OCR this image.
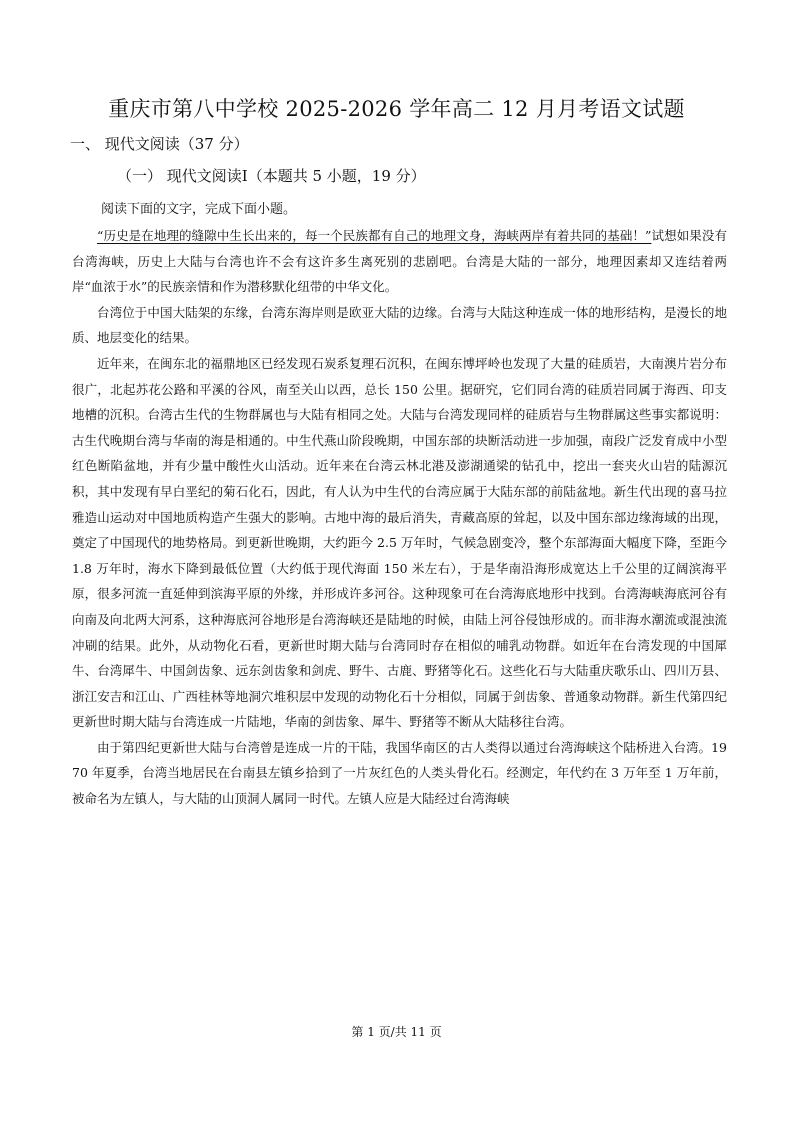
重庆市第八中学校 2025-2026 学年高二 12 月月考语文试题
一、 现代文阅读（37 分）
（一） 现代文阅读Ⅰ（本题共 5 小题，19 分）
阅读下面的文字，完成下面小题。

“历史是在地理的缝隙中生长出来的，每一个民族都有自己的地理文身，海峡两岸有着共同的基础！”试想如果没有台湾海峡，历史上大陆与台湾也许不会有这许多生离死别的悲剧吧。台湾是大陆的一部分，地理因素却又连结着两岸“血浓于水”的民族亲情和作为潜移默化纽带的中华文化。

台湾位于中国大陆架的东缘，台湾东海岸则是欧亚大陆的边缘。台湾与大陆这种连成一体的地形结构，是漫长的地质、地层变化的结果。

近年来，在闽东北的福鼎地区已经发现石炭系复理石沉积，在闽东博坪岭也发现了大量的硅质岩，大南澳片岩分布很广，北起苏花公路和平溪的谷风，南至关山以西，总长 150 公里。据研究，它们同台湾的硅质岩同属于海西、印支地槽的沉积。台湾古生代的生物群属也与大陆有相同之处。大陆与台湾发现同样的硅质岩与生物群属这些事实都说明：古生代晚期台湾与华南的海是相通的。中生代燕山阶段晚期，中国东部的块断活动进一步加强，南段广泛发育成中小型红色断陷盆地，并有少量中酸性火山活动。近年来在台湾云林北港及澎湖通梁的钻孔中，挖出一套夹火山岩的陆源沉积，其中发现有早白垩纪的菊石化石，因此，有人认为中生代的台湾应属于大陆东部的前陆盆地。新生代出现的喜马拉雅造山运动对中国地质构造产生强大的影响。古地中海的最后消失，青藏高原的耸起，以及中国东部边缘海域的出现，奠定了中国现代的地势格局。到更新世晚期，大约距今 2.5 万年时，气候急剧变冷，整个东部海面大幅度下降，至距今 1.8 万年时，海水下降到最低位置（大约低于现代海面 150 米左右），于是华南沿海形成宽达上千公里的辽阔滨海平原，很多河流一直延伸到滨海平原的外缘，并形成许多河谷。这种现象可在台湾海底地形中找到。台湾海峡海底河谷有向南及向北两大河系，这种海底河谷地形是台湾海峡还是陆地的时候，由陆上河谷侵蚀形成的。而非海水潮流或混浊流冲刷的结果。此外，从动物化石看，更新世时期大陆与台湾同时存在相似的哺乳动物群。如近年在台湾发现的中国犀牛、台湾犀牛、中国剑齿象、远东剑齿象和剑虎、野牛、古鹿、野猪等化石。这些化石与大陆重庆歌乐山、四川万县、浙江安吉和江山、广西桂林等地洞穴堆积层中发现的动物化石十分相似，同属于剑齿象、普通象动物群。新生代第四纪更新世时期大陆与台湾连成一片陆地，华南的剑齿象、犀牛、野猪等不断从大陆移往台湾。

由于第四纪更新世大陆与台湾曾是连成一片的干陆，我国华南区的古人类得以通过台湾海峡这个陆桥进入台湾。1970 年夏季，台湾当地居民在台南县左镇乡拾到了一片灰红色的人类头骨化石。经测定，年代约在 3 万年至 1 万年前，被命名为左镇人，与大陆的山顶洞人属同一时代。左镇人应是大陆经过台湾海峡

第 1 页/共 11 页
